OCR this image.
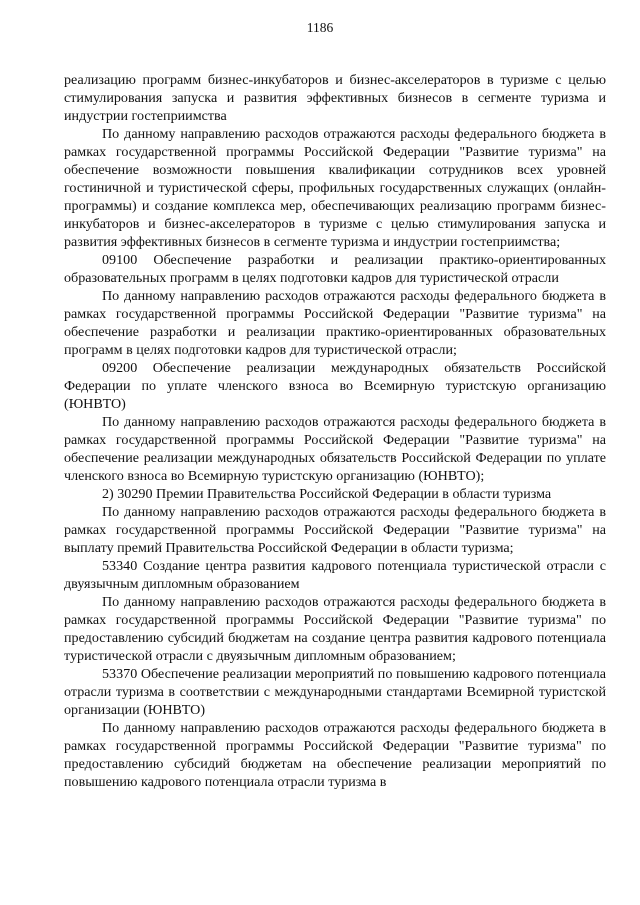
1186

реализацию программ бизнес-инкубаторов и бизнес-акселераторов в туризме с целью стимулирования запуска и развития эффективных бизнесов в сегменте туризма и индустрии гостеприимства

По данному направлению расходов отражаются расходы федерального бюджета в рамках государственной программы Российской Федерации "Развитие туризма" на обеспечение возможности повышения квалификации сотрудников всех уровней гостиничной и туристической сферы, профильных государственных служащих (онлайн-программы) и создание комплекса мер, обеспечивающих реализацию программ бизнес-инкубаторов и бизнес-акселераторов в туризме с целью стимулирования запуска и развития эффективных бизнесов в сегменте туризма и индустрии гостеприимства;

09100 Обеспечение разработки и реализации практико-ориентированных образовательных программ в целях подготовки кадров для туристической отрасли

По данному направлению расходов отражаются расходы федерального бюджета в рамках государственной программы Российской Федерации "Развитие туризма" на обеспечение разработки и реализации практико-ориентированных образовательных программ в целях подготовки кадров для туристической отрасли;

09200 Обеспечение реализации международных обязательств Российской Федерации по уплате членского взноса во Всемирную туристскую организацию (ЮНВТО)

По данному направлению расходов отражаются расходы федерального бюджета в рамках государственной программы Российской Федерации "Развитие туризма" на обеспечение реализации международных обязательств Российской Федерации по уплате членского взноса во Всемирную туристскую организацию (ЮНВТО);

2) 30290 Премии Правительства Российской Федерации в области туризма

По данному направлению расходов отражаются расходы федерального бюджета в рамках государственной программы Российской Федерации "Развитие туризма" на выплату премий Правительства Российской Федерации в области туризма;

53340 Создание центра развития кадрового потенциала туристической отрасли с двуязычным дипломным образованием

По данному направлению расходов отражаются расходы федерального бюджета в рамках государственной программы Российской Федерации "Развитие туризма" по предоставлению субсидий бюджетам на создание центра развития кадрового потенциала туристической отрасли с двуязычным дипломным образованием;

53370 Обеспечение реализации мероприятий по повышению кадрового потенциала отрасли туризма в соответствии с международными стандартами Всемирной туристской организации (ЮНВТО)

По данному направлению расходов отражаются расходы федерального бюджета в рамках государственной программы Российской Федерации "Развитие туризма" по предоставлению субсидий бюджетам на обеспечение реализации мероприятий по повышению кадрового потенциала отрасли туризма в
